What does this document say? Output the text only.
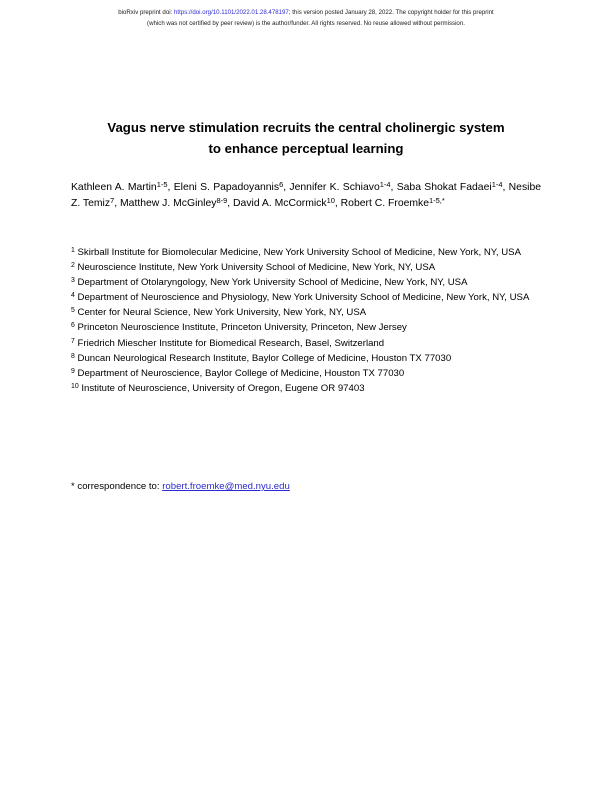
bioRxiv preprint doi: https://doi.org/10.1101/2022.01.28.478197; this version posted January 28, 2022. The copyright holder for this preprint
(which was not certified by peer review) is the author/funder. All rights reserved. No reuse allowed without permission.
Vagus nerve stimulation recruits the central cholinergic system
to enhance perceptual learning
Kathleen A. Martin$^{1-5}$, Eleni S. Papadoyannis$^6$, Jennifer K. Schiavo$^{1-4}$, Saba Shokat Fadaei$^{1-4}$, Nesibe Z. Temiz$^7$, Matthew J. McGinley$^{8-9}$, David A. McCormick$^{10}$, Robert C. Froemke$^{1-5,*}$
$^1$ Skirball Institute for Biomolecular Medicine, New York University School of Medicine, New York, NY, USA
$^2$ Neuroscience Institute, New York University School of Medicine, New York, NY, USA
$^3$ Department of Otolaryngology, New York University School of Medicine, New York, NY, USA
$^4$ Department of Neuroscience and Physiology, New York University School of Medicine, New York, NY, USA
$^5$ Center for Neural Science, New York University, New York, NY, USA
$^6$ Princeton Neuroscience Institute, Princeton University, Princeton, New Jersey
$^7$ Friedrich Miescher Institute for Biomedical Research, Basel, Switzerland
$^8$ Duncan Neurological Research Institute, Baylor College of Medicine, Houston TX 77030
$^9$ Department of Neuroscience, Baylor College of Medicine, Houston TX 77030
$^{10}$ Institute of Neuroscience, University of Oregon, Eugene OR 97403
* correspondence to: robert.froemke@med.nyu.edu
